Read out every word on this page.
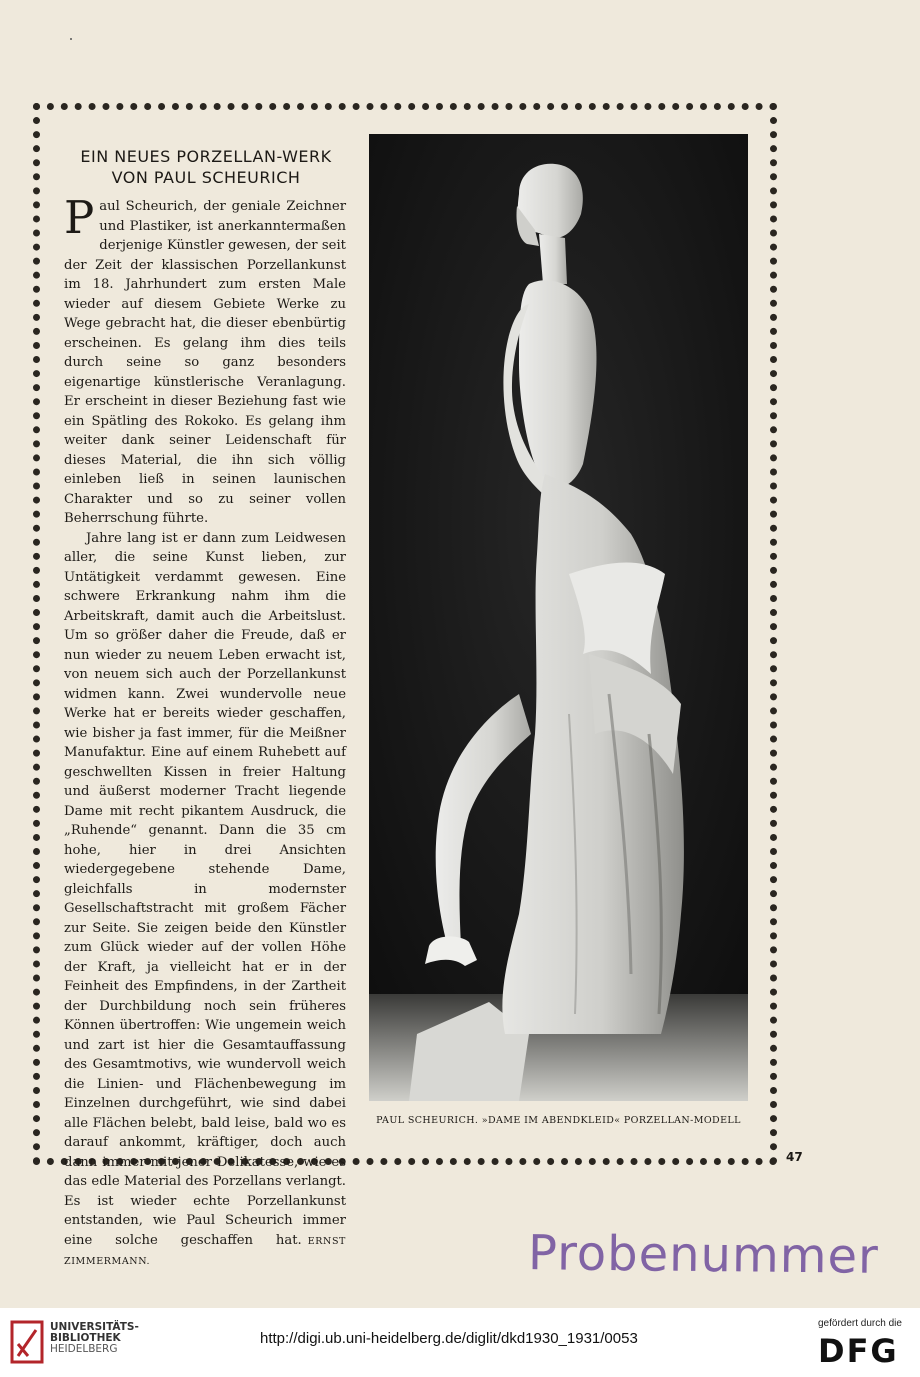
EIN NEUES PORZELLAN-WERK
VON PAUL SCHEURICH

Paul Scheurich, der geniale Zeichner und Plastiker, ist anerkanntermaßen derjenige Künstler gewesen, der seit der Zeit der klassischen Porzellankunst im 18. Jahrhundert zum ersten Male wieder auf diesem Gebiete Werke zu Wege gebracht hat, die dieser ebenbürtig erscheinen. Es gelang ihm dies teils durch seine so ganz besonders eigenartige künstlerische Veranlagung. Er erscheint in dieser Beziehung fast wie ein Spätling des Rokoko. Es gelang ihm weiter dank seiner Leidenschaft für dieses Material, die ihn sich völlig einleben ließ in seinen launischen Charakter und so zu seiner vollen Beherrschung führte.

Jahre lang ist er dann zum Leidwesen aller, die seine Kunst lieben, zur Untätigkeit verdammt gewesen. Eine schwere Erkrankung nahm ihm die Arbeitskraft, damit auch die Arbeitslust. Um so größer daher die Freude, daß er nun wieder zu neuem Leben erwacht ist, von neuem sich auch der Porzellankunst widmen kann. Zwei wundervolle neue Werke hat er bereits wieder geschaffen, wie bisher ja fast immer, für die Meißner Manufaktur. Eine auf einem Ruhebett auf geschwellten Kissen in freier Haltung und äußerst moderner Tracht liegende Dame mit recht pikantem Ausdruck, die „Ruhende“ genannt. Dann die 35 cm hohe, hier in drei Ansichten wiedergegebene stehende Dame, gleichfalls in modernster Gesellschaftstracht mit großem Fächer zur Seite. Sie zeigen beide den Künstler zum Glück wieder auf der vollen Höhe der Kraft, ja vielleicht hat er in der Feinheit des Empfindens, in der Zartheit der Durchbildung noch sein früheres Können übertroffen: Wie ungemein weich und zart ist hier die Gesamtauffassung des Gesamtmotivs, wie wundervoll weich die Linien- und Flächenbewegung im Einzelnen durchgeführt, wie sind dabei alle Flächen belebt, bald leise, bald wo es darauf ankommt, kräftiger, doch auch dann immer mit jener Delikatesse, wie es das edle Material des Porzellans verlangt. Es ist wieder echte Porzellankunst entstanden, wie Paul Scheurich immer eine solche geschaffen hat. ERNST ZIMMERMANN.

PAUL SCHEURICH. »DAME IM ABENDKLEID« PORZELLAN-MODELL
47
Probenummer
UNIVERSITÄTS-
BIBLIOTHEK
HEIDELBERG
http://digi.ub.uni-heidelberg.de/diglit/dkd1930_1931/0053
gefördert durch die
DFG
